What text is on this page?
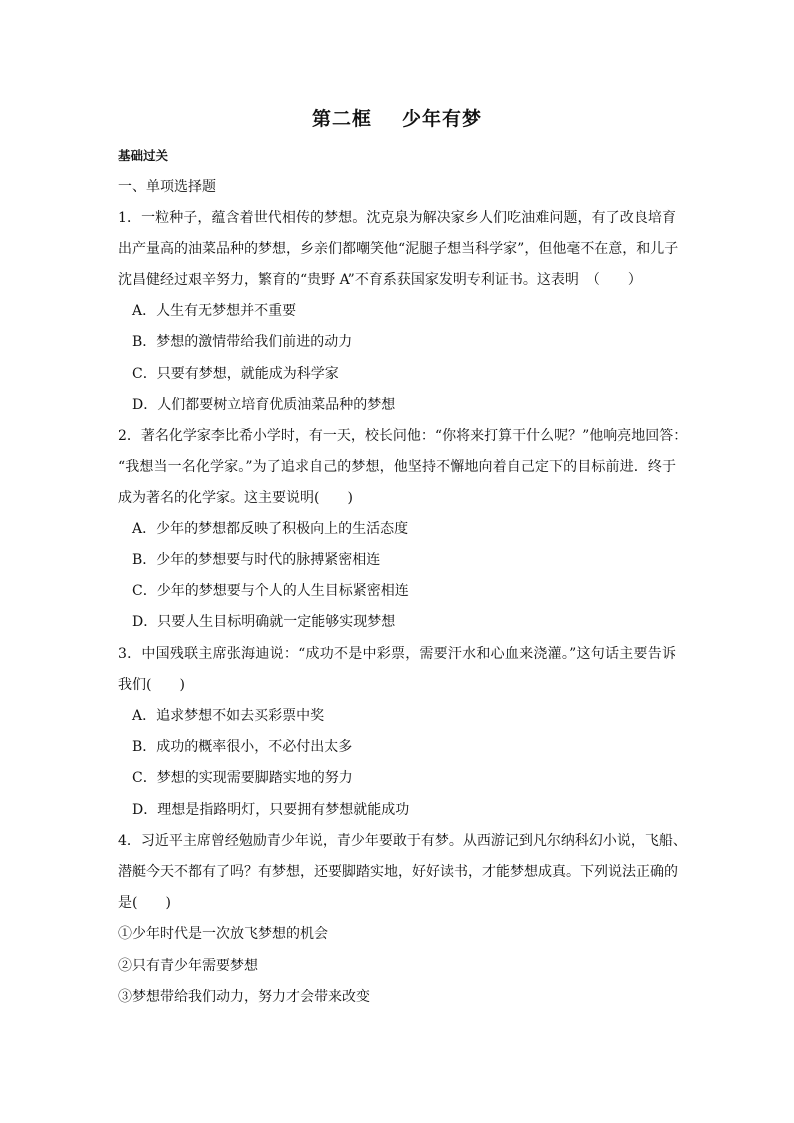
第二框 少年有梦
基础过关
一、单项选择题
1．一粒种子，蕴含着世代相传的梦想。沈克泉为解决家乡人们吃油难问题，有了改良培育
出产量高的油菜品种的梦想，乡亲们都嘲笑他“泥腿子想当科学家”，但他毫不在意，和儿子
沈昌健经过艰辛努力，繁育的“贵野 A”不育系获国家发明专利证书。这表明　（　　）
A．人生有无梦想并不重要
B．梦想的激情带给我们前进的动力
C．只要有梦想，就能成为科学家
D．人们都要树立培育优质油菜品种的梦想
2．著名化学家李比希小学时，有一天，校长问他：“你将来打算干什么呢？”他响亮地回答：
“我想当一名化学家。”为了追求自己的梦想，他坚持不懈地向着自己定下的目标前进．终于
成为著名的化学家。这主要说明(　　)
A．少年的梦想都反映了积极向上的生活态度
B．少年的梦想要与时代的脉搏紧密相连
C．少年的梦想要与个人的人生目标紧密相连
D．只要人生目标明确就一定能够实现梦想
3．中国残联主席张海迪说：“成功不是中彩票，需要汗水和心血来浇灌。”这句话主要告诉
我们(　　)
A．追求梦想不如去买彩票中奖
B．成功的概率很小，不必付出太多
C．梦想的实现需要脚踏实地的努力
D．理想是指路明灯，只要拥有梦想就能成功
4．习近平主席曾经勉励青少年说，青少年要敢于有梦。从西游记到凡尔纳科幻小说，飞船、
潜艇今天不都有了吗？有梦想，还要脚踏实地，好好读书，才能梦想成真。下列说法正确的
是(　　)
①少年时代是一次放飞梦想的机会
②只有青少年需要梦想
③梦想带给我们动力，努力才会带来改变
